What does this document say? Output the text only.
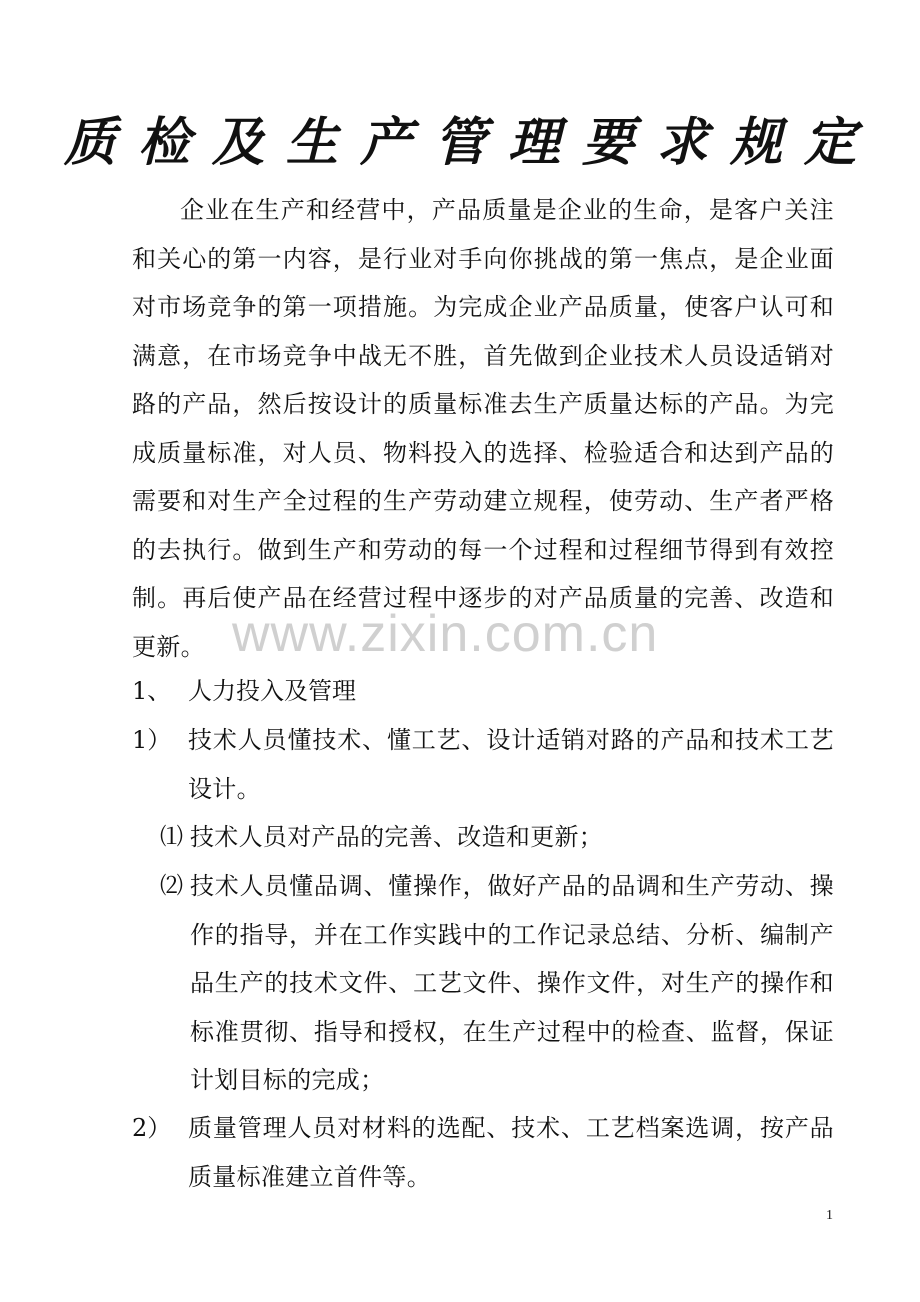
质检及生产管理要求规定
企业在生产和经营中，产品质量是企业的生命，是客户关注和关心的第一内容，是行业对手向你挑战的第一焦点，是企业面对市场竞争的第一项措施。为完成企业产品质量，使客户认可和满意，在市场竞争中战无不胜，首先做到企业技术人员设适销对路的产品，然后按设计的质量标准去生产质量达标的产品。为完成质量标准，对人员、物料投入的选择、检验适合和达到产品的需要和对生产全过程的生产劳动建立规程，使劳动、生产者严格的去执行。做到生产和劳动的每一个过程和过程细节得到有效控制。再后使产品在经营过程中逐步的对产品质量的完善、改造和更新。 www.zixin.com.cn
1、 人力投入及管理
1） 技术人员懂技术、懂工艺、设计适销对路的产品和技术工艺设计。
⑴ 技术人员对产品的完善、改造和更新；
⑵ 技术人员懂品调、懂操作，做好产品的品调和生产劳动、操作的指导，并在工作实践中的工作记录总结、分析、编制产品生产的技术文件、工艺文件、操作文件，对生产的操作和标准贯彻、指导和授权，在生产过程中的检查、监督，保证计划目标的完成；
2） 质量管理人员对材料的选配、技术、工艺档案选调，按产品质量标准建立首件等。
1
